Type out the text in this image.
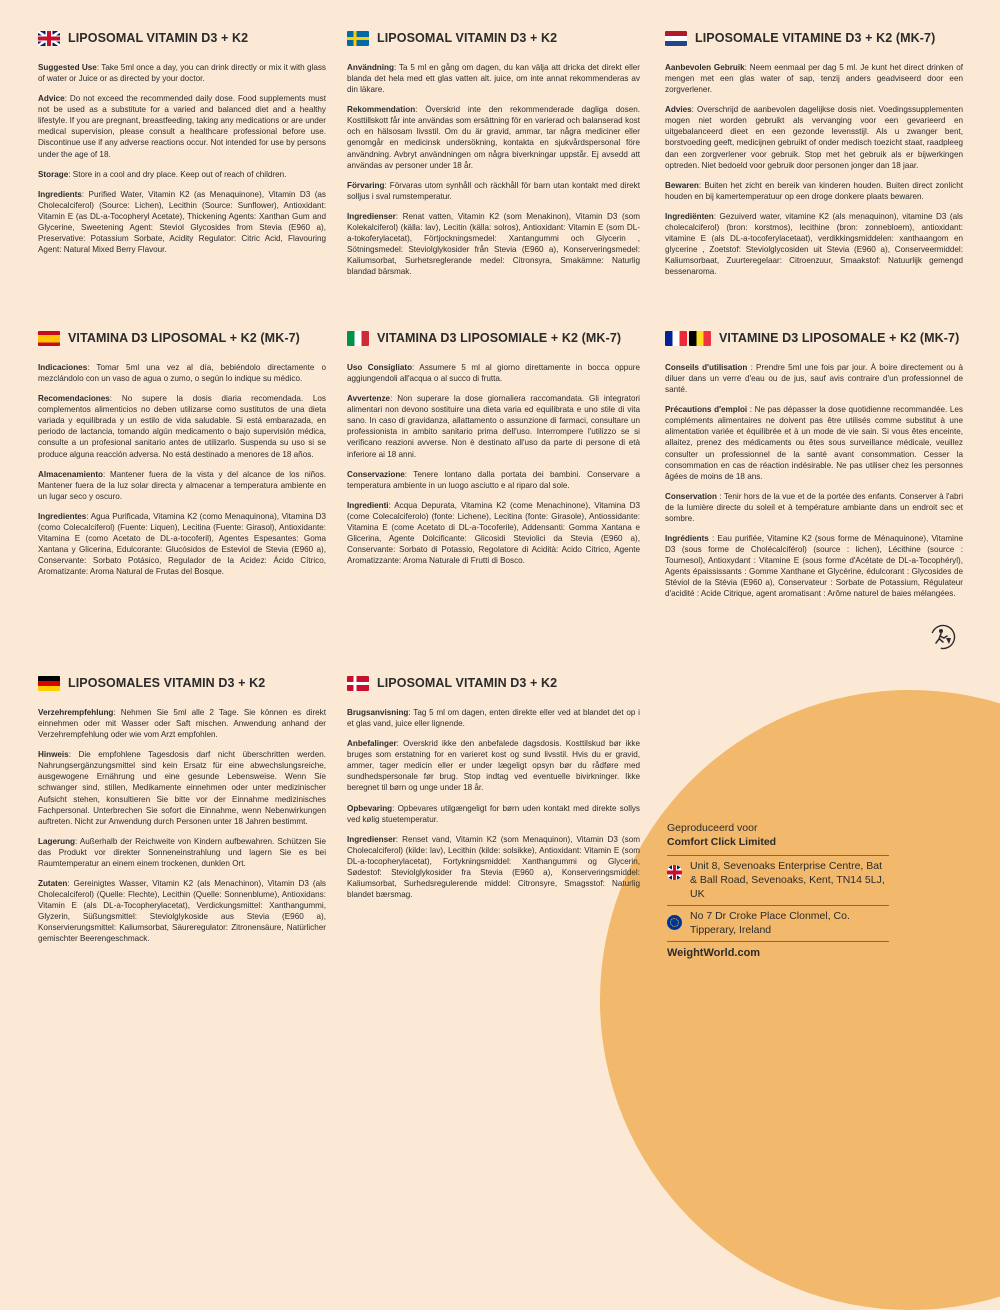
LIPOSOMAL VITAMIN D3 + K2

Suggested Use: Take 5ml once a day, you can drink directly or mix it with glass of water or Juice or as directed by your doctor.

Advice: Do not exceed the recommended daily dose. Food supplements must not be used as a substitute for a varied and balanced diet and a healthy lifestyle. If you are pregnant, breastfeeding, taking any medications or are under medical supervision, please consult a healthcare professional before use. Discontinue use if any adverse reactions occur. Not intended for use by persons under the age of 18.

Storage: Store in a cool and dry place. Keep out of reach of children.

Ingredients: Purified Water, Vitamin K2 (as Menaquinone), Vitamin D3 (as Cholecalciferol) (Source: Lichen), Lecithin (Source: Sunflower), Antioxidant: Vitamin E (as DL-a-Tocopheryl Acetate), Thickening Agents: Xanthan Gum and Glycerine, Sweetening Agent: Steviol Glycosides from Stevia (E960 a), Preservative: Potassium Sorbate, Acidity Regulator: Citric Acid, Flavouring Agent: Natural Mixed Berry Flavour.

LIPOSOMAL VITAMIN D3 + K2

Användning: Ta 5 ml en gång om dagen, du kan välja att dricka det direkt eller blanda det hela med ett glas vatten alt. juice, om inte annat rekommenderas av din läkare.

Rekommendation: Överskrid inte den rekommenderade dagliga dosen. Kosttillskott får inte användas som ersättning för en varierad och balanserad kost och en hälsosam livsstil. Om du är gravid, ammar, tar några mediciner eller genomgår en medicinsk undersökning, kontakta en sjukvårdspersonal före användning. Avbryt användningen om några biverkningar uppstår. Ej avsedd att användas av personer under 18 år.

Förvaring: Förvaras utom synhåll och räckhåll för barn utan kontakt med direkt solljus i sval rumstemperatur.

Ingredienser: Renat vatten, Vitamin K2 (som Menakinon), Vitamin D3 (som Kolekalciferol) (källa: lav), Lecitin (källa: solros), Antioxidant: Vitamin E (som DL-a-tokoferylacetat), Förtjockningsmedel: Xantangummi och Glycerin , Sötningsmedel: Steviolglykosider från Stevia (E960 a), Konserveringsmedel: Kaliumsorbat, Surhetsreglerande medel: Citronsyra, Smakämne: Naturlig blandad bärsmak.

LIPOSOMALE VITAMINE D3 + K2 (MK-7)

Aanbevolen Gebruik: Neem eenmaal per dag 5 ml. Je kunt het direct drinken of mengen met een glas water of sap, tenzij anders geadviseerd door een zorgverlener.

Advies: Overschrijd de aanbevolen dagelijkse dosis niet. Voedingssupplementen mogen niet worden gebruikt als vervanging voor een gevarieerd en uitgebalanceerd dieet en een gezonde levensstijl. Als u zwanger bent, borstvoeding geeft, medicijnen gebruikt of onder medisch toezicht staat, raadpleeg dan een zorgverlener voor gebruik. Stop met het gebruik als er bijwerkingen optreden. Niet bedoeld voor gebruik door personen jonger dan 18 jaar.

Bewaren: Buiten het zicht en bereik van kinderen houden. Buiten direct zonlicht houden en bij kamertemperatuur op een droge donkere plaats bewaren.

Ingrediënten: Gezuiverd water, vitamine K2 (als menaquinon), vitamine D3 (als cholecalciferol) (bron: korstmos), lecithine (bron: zonnebloem), antioxidant: vitamine E (als DL-a-tocoferylacetaat), verdikkingsmiddelen: xanthaangom en glycerine , Zoetstof: Steviolglycosiden uit Stevia (E960 a), Conserveermiddel: Kaliumsorbaat, Zuurteregelaar: Citroenzuur, Smaakstof: Natuurlijk gemengd bessenaroma.

VITAMINA D3 LIPOSOMAL + K2 (MK-7)

Indicaciones: Tomar 5ml una vez al día, bebiéndolo directamente o mezclándolo con un vaso de agua o zumo, o según lo indique su médico.

Recomendaciones: No supere la dosis diaria recomendada. Los complementos alimenticios no deben utilizarse como sustitutos de una dieta variada y equilibrada y un estilo de vida saludable. Si está embarazada, en periodo de lactancia, tomando algún medicamento o bajo supervisión médica, consulte a un profesional sanitario antes de utilizarlo. Suspenda su uso si se produce alguna reacción adversa. No está destinado a menores de 18 años.

Almacenamiento: Mantener fuera de la vista y del alcance de los niños. Mantener fuera de la luz solar directa y almacenar a temperatura ambiente en un lugar seco y oscuro.

Ingredientes: Agua Purificada, Vitamina K2 (como Menaquinona), Vitamina D3 (como Colecalciferol) (Fuente: Liquen), Lecitina (Fuente: Girasol), Antioxidante: Vitamina E (como Acetato de DL-a-tocoferil), Agentes Espesantes: Goma Xantana y Glicerina, Edulcorante: Glucósidos de Esteviol de Stevia (E960 a), Conservante: Sorbato Potásico, Regulador de la Acidez: Ácido Cítrico, Aromatizante: Aroma Natural de Frutas del Bosque.

VITAMINA D3 LIPOSOMIALE + K2 (MK-7)

Uso Consigliato: Assumere 5 ml al giorno direttamente in bocca oppure aggiungendoli all'acqua o al succo di frutta.

Avvertenze: Non superare la dose giornaliera raccomandata. Gli integratori alimentari non devono sostituire una dieta varia ed equilibrata e uno stile di vita sano. In caso di gravidanza, allattamento o assunzione di farmaci, consultare un professionista in ambito sanitario prima dell'uso. Interrompere l'utilizzo se si verificano reazioni avverse. Non è destinato all'uso da parte di persone di età inferiore ai 18 anni.

Conservazione: Tenere lontano dalla portata dei bambini. Conservare a temperatura ambiente in un luogo asciutto e al riparo dal sole.

Ingredienti: Acqua Depurata, Vitamina K2 (come Menachinone), Vitamina D3 (come Colecalciferolo) (fonte: Lichene), Lecitina (fonte: Girasole), Antiossidante: Vitamina E (come Acetato di DL-a-Tocoferile), Addensanti: Gomma Xantana e Glicerina, Agente Dolcificante: Glicosidi Steviolici da Stevia (E960 a), Conservante: Sorbato di Potassio, Regolatore di Acidità: Acido Citrico, Agente Aromatizzante: Aroma Naturale di Frutti di Bosco.

VITAMINE D3 LIPOSOMALE + K2 (MK-7)

Conseils d'utilisation : Prendre 5ml une fois par jour. À boire directement ou à diluer dans un verre d'eau ou de jus, sauf avis contraire d'un professionnel de santé.

Précautions d'emploi : Ne pas dépasser la dose quotidienne recommandée. Les compléments alimentaires ne doivent pas être utilisés comme substitut à une alimentation variée et équilibrée et à un mode de vie sain. Si vous êtes enceinte, allaitez, prenez des médicaments ou êtes sous surveillance médicale, veuillez consulter un professionnel de la santé avant consommation. Cesser la consommation en cas de réaction indésirable. Ne pas utiliser chez les personnes âgées de moins de 18 ans.

Conservation : Tenir hors de la vue et de la portée des enfants. Conserver à l'abri de la lumière directe du soleil et à température ambiante dans un endroit sec et sombre.

Ingrédients : Eau purifiée, Vitamine K2 (sous forme de Ménaquinone), Vitamine D3 (sous forme de Cholécalciférol) (source : lichen), Lécithine (source : Tournesol), Antioxydant : Vitamine E (sous forme d'Acétate de DL-a-Tocophéryl), Agents épaississants : Gomme Xanthane et Glycérine, édulcorant : Glycosides de Stéviol de la Stévia (E960 a), Conservateur : Sorbate de Potassium, Régulateur d'acidité : Acide Citrique, agent aromatisant : Arôme naturel de baies mélangées.

LIPOSOMALES VITAMIN D3 + K2

Verzehrempfehlung: Nehmen Sie 5ml alle 2 Tage. Sie können es direkt einnehmen oder mit Wasser oder Saft mischen. Anwendung anhand der Verzehrempfehlung oder wie vom Arzt empfohlen.

Hinweis: Die empfohlene Tagesdosis darf nicht überschritten werden. Nahrungsergänzungsmittel sind kein Ersatz für eine abwechslungsreiche, ausgewogene Ernährung und eine gesunde Lebensweise. Wenn Sie schwanger sind, stillen, Medikamente einnehmen oder unter medizinischer Aufsicht stehen, konsultieren Sie bitte vor der Einnahme medizinisches Fachpersonal. Unterbrechen Sie sofort die Einnahme, wenn Nebenwirkungen auftreten. Nicht zur Anwendung durch Personen unter 18 Jahren bestimmt.

Lagerung: Außerhalb der Reichweite von Kindern aufbewahren. Schützen Sie das Produkt vor direkter Sonneneinstrahlung und lagern Sie es bei Raumtemperatur an einem einem trockenen, dunklen Ort.

Zutaten: Gereinigtes Wasser, Vitamin K2 (als Menachinon), Vitamin D3 (als Cholecalciferol) (Quelle: Flechte), Lecithin (Quelle: Sonnenblume), Antioxidans: Vitamin E (als DL-a-Tocopherylacetat), Verdickungsmittel: Xanthangummi, Glyzerin, Süßungsmittel: Steviolglykoside aus Stevia (E960 a), Konservierungsmittel: Kaliumsorbat, Säureregulator: Zitronensäure, Natürlicher gemischter Beerengeschmack.

LIPOSOMAL VITAMIN D3 + K2

Brugsanvisning: Tag 5 ml om dagen, enten direkte eller ved at blandet det op i et glas vand, juice eller lignende.

Anbefalinger: Overskrid ikke den anbefalede dagsdosis. Kosttilskud bør ikke bruges som erstatning for en varieret kost og sund livsstil. Hvis du er gravid, ammer, tager medicin eller er under lægeligt opsyn bør du rådføre med sundhedspersonale før brug. Stop indtag ved eventuelle bivirkninger. Ikke beregnet til børn og unge under 18 år.

Opbevaring: Opbevares utilgængeligt for børn uden kontakt med direkte sollys ved kølig stuetemperatur.

Ingredienser: Renset vand, Vitamin K2 (som Menaquinon), Vitamin D3 (som Cholecalciferol) (kilde: lav), Lecithin (kilde: solsikke), Antioxidant: Vitamin E (som DL-a-tocopherylacetat), Fortykningsmiddel: Xanthangummi og Glycerin, Sødestof: Steviolglykosider fra Stevia (E960 a), Konserveringsmiddel: Kaliumsorbat, Surhedsregulerende middel: Citronsyre, Smagsstof: Naturlig blandet bærsmag.

Geproduceerd voor
Comfort Click Limited
Unit 8, Sevenoaks Enterprise Centre, Bat & Ball Road, Sevenoaks, Kent, TN14 5LJ, UK
No 7 Dr Croke Place Clonmel, Co. Tipperary, Ireland
WeightWorld.com
